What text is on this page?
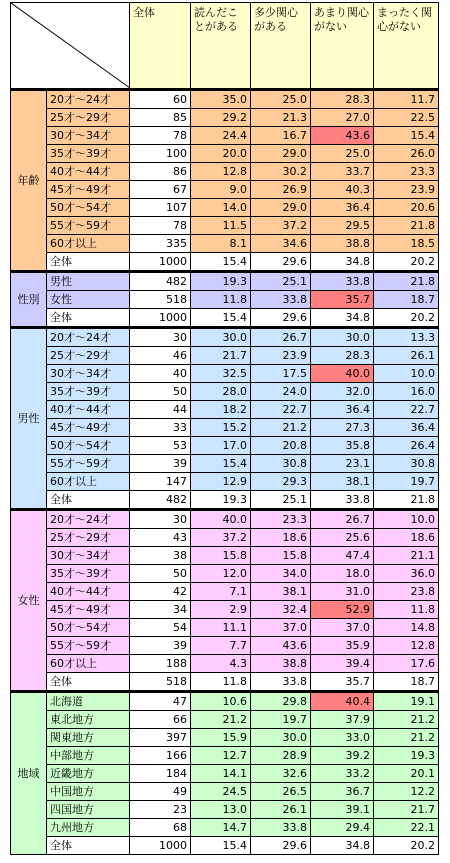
	全体	読んだことがある	多少関心がある	あまり関心がない	まったく関心がない
年齢	20才～24才	60	35.0	25.0	28.3	11.7
	25才～29才	85	29.2	21.3	27.0	22.5
	30才～34才	78	24.4	16.7	43.6	15.4
	35才～39才	100	20.0	29.0	25.0	26.0
	40才～44才	86	12.8	30.2	33.7	23.3
	45才～49才	67	9.0	26.9	40.3	23.9
	50才～54才	107	14.0	29.0	36.4	20.6
	55才～59才	78	11.5	37.2	29.5	21.8
	60才以上	335	8.1	34.6	38.8	18.5
	全体	1000	15.4	29.6	34.8	20.2
性別	男性	482	19.3	25.1	33.8	21.8
	女性	518	11.8	33.8	35.7	18.7
	全体	1000	15.4	29.6	34.8	20.2
男性	20才～24才	30	30.0	26.7	30.0	13.3
	25才～29才	46	21.7	23.9	28.3	26.1
	30才～34才	40	32.5	17.5	40.0	10.0
	35才～39才	50	28.0	24.0	32.0	16.0
	40才～44才	44	18.2	22.7	36.4	22.7
	45才～49才	33	15.2	21.2	27.3	36.4
	50才～54才	53	17.0	20.8	35.8	26.4
	55才～59才	39	15.4	30.8	23.1	30.8
	60才以上	147	12.9	29.3	38.1	19.7
	全体	482	19.3	25.1	33.8	21.8
女性	20才～24才	30	40.0	23.3	26.7	10.0
	25才～29才	43	37.2	18.6	25.6	18.6
	30才～34才	38	15.8	15.8	47.4	21.1
	35才～39才	50	12.0	34.0	18.0	36.0
	40才～44才	42	7.1	38.1	31.0	23.8
	45才～49才	34	2.9	32.4	52.9	11.8
	50才～54才	54	11.1	37.0	37.0	14.8
	55才～59才	39	7.7	43.6	35.9	12.8
	60才以上	188	4.3	38.8	39.4	17.6
	全体	518	11.8	33.8	35.7	18.7
地域	北海道	47	10.6	29.8	40.4	19.1
	東北地方	66	21.2	19.7	37.9	21.2
	関東地方	397	15.9	30.0	33.0	21.2
	中部地方	166	12.7	28.9	39.2	19.3
	近畿地方	184	14.1	32.6	33.2	20.1
	中国地方	49	24.5	26.5	36.7	12.2
	四国地方	23	13.0	26.1	39.1	21.7
	九州地方	68	14.7	33.8	29.4	22.1
	全体	1000	15.4	29.6	34.8	20.2
